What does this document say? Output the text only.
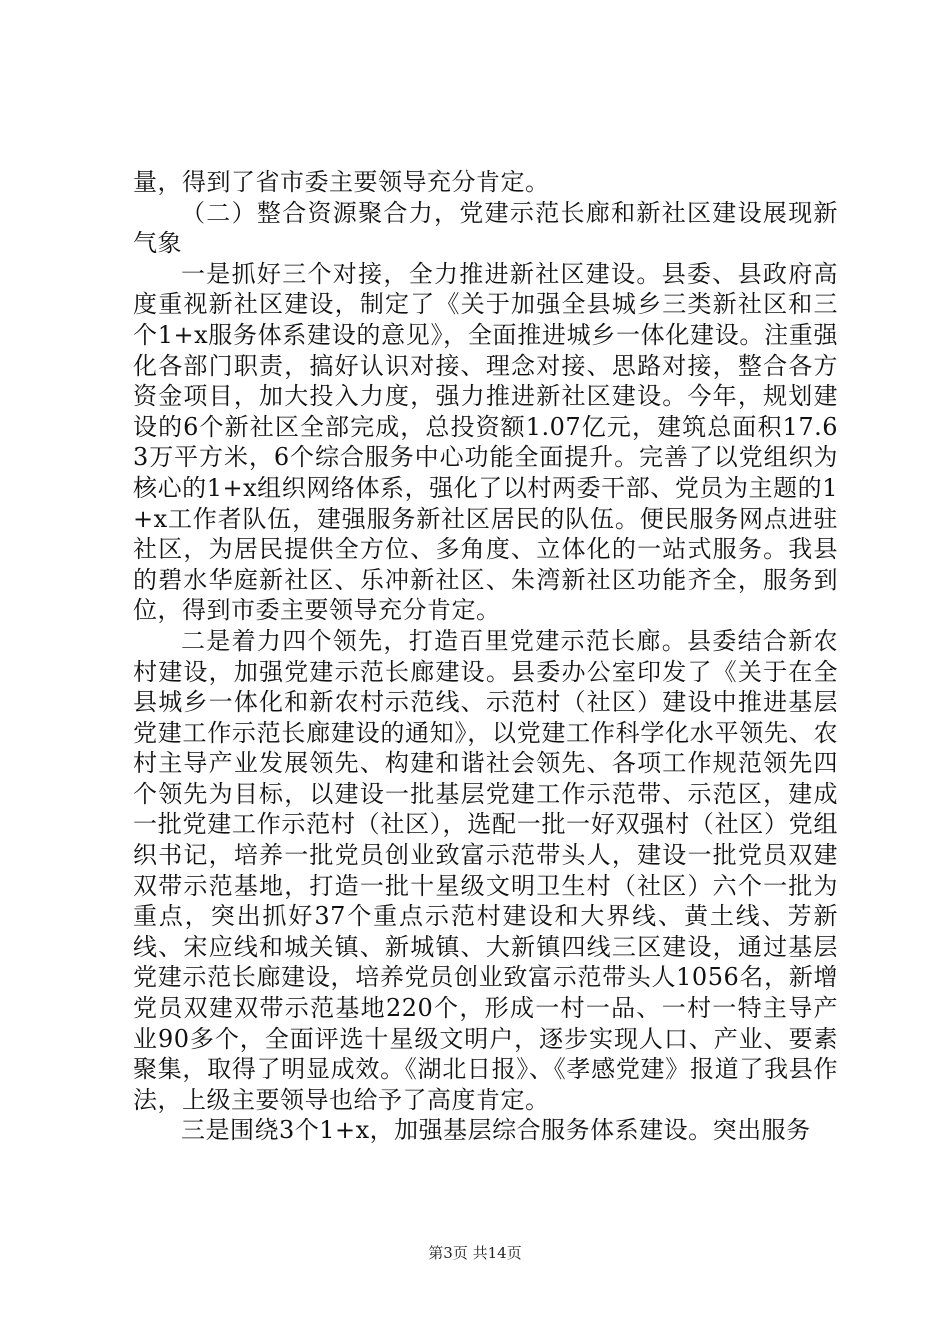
量，得到了省市委主要领导充分肯定。

（二）整合资源聚合力，党建示范长廊和新社区建设展现新气象

一是抓好三个对接，全力推进新社区建设。县委、县政府高度重视新社区建设，制定了《关于加强全县城乡三类新社区和三个1+x服务体系建设的意见》，全面推进城乡一体化建设。注重强化各部门职责，搞好认识对接、理念对接、思路对接，整合各方资金项目，加大投入力度，强力推进新社区建设。今年，规划建设的6个新社区全部完成，总投资额1.07亿元，建筑总面积17.63万平方米，6个综合服务中心功能全面提升。完善了以党组织为核心的1+x组织网络体系，强化了以村两委干部、党员为主题的1+x工作者队伍，建强服务新社区居民的队伍。便民服务网点进驻社区，为居民提供全方位、多角度、立体化的一站式服务。我县的碧水华庭新社区、乐冲新社区、朱湾新社区功能齐全，服务到位，得到市委主要领导充分肯定。

二是着力四个领先，打造百里党建示范长廊。县委结合新农村建设，加强党建示范长廊建设。县委办公室印发了《关于在全县城乡一体化和新农村示范线、示范村（社区）建设中推进基层党建工作示范长廊建设的通知》，以党建工作科学化水平领先、农村主导产业发展领先、构建和谐社会领先、各项工作规范领先四个领先为目标，以建设一批基层党建工作示范带、示范区，建成一批党建工作示范村（社区），选配一批一好双强村（社区）党组织书记，培养一批党员创业致富示范带头人，建设一批党员双建双带示范基地，打造一批十星级文明卫生村（社区）六个一批为重点，突出抓好37个重点示范村建设和大界线、黄土线、芳新线、宋应线和城关镇、新城镇、大新镇四线三区建设，通过基层党建示范长廊建设，培养党员创业致富示范带头人1056名，新增党员双建双带示范基地220个，形成一村一品、一村一特主导产业90多个，全面评选十星级文明户，逐步实现人口、产业、要素聚集，取得了明显成效。《湖北日报》、《孝感党建》报道了我县作法，上级主要领导也给予了高度肯定。

三是围绕3个1+x，加强基层综合服务体系建设。突出服务

第3页 共14页
